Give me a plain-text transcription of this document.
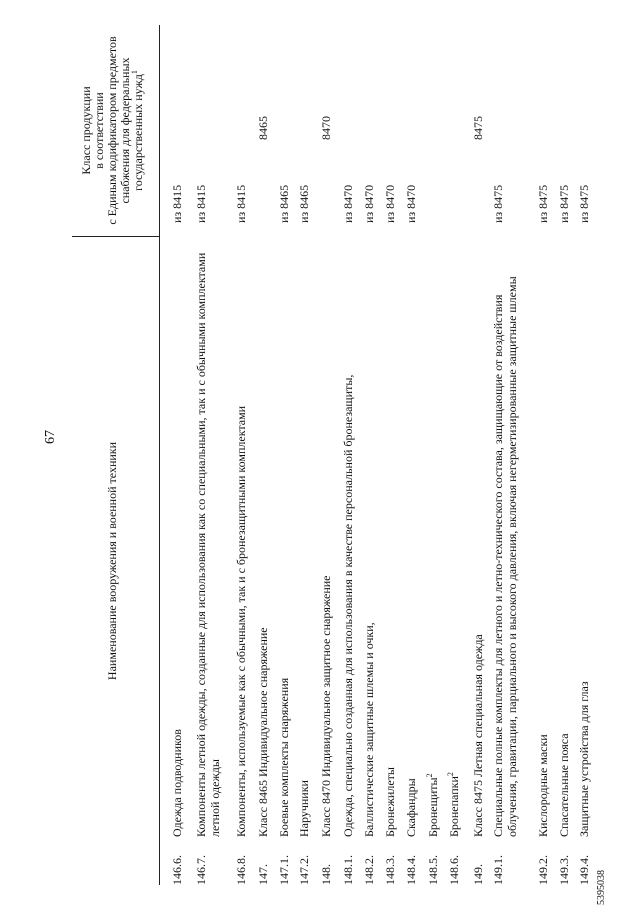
67
Наименование вооружения и военной техники
Класс продукции в соответствии с Единым кодификатором предметов снабжения для федеральных государственных нужд$^1$
146.6.
Одежда подводников
из 8415
146.7.
Компоненты летной одежды, созданные для использования как со специальными, так и с обычными комплектами летной одежды
из 8415
146.8.
Компоненты, используемые как с обычными, так и с бронезащитными комплектами
из 8415
147.
Класс 8465 Индивидуальное снаряжение
8465
147.1.
Боевые комплекты снаряжения
из 8465
147.2.
Наручники
из 8465
148.
Класс 8470 Индивидуальное защитное снаряжение
8470
148.1.
Одежда, специально созданная для использования в качестве персональной бронезащиты,
из 8470
148.2.
Баллистические защитные шлемы и очки,
из 8470
148.3.
Бронежилеты
из 8470
148.4.
Скафандры
из 8470
148.5.
Бронещиты$^2$
148.6.
Бронепапки$^2$
149.
Класс 8475 Летная специальная одежда
8475
149.1.
Специальные полные комплекты для летного и летно-технического состава, защищающие от воздействия облучения, гравитации, парциального и высокого давления, включая негерметизированные защитные шлемы
из 8475
149.2.
Кислородные маски
из 8475
149.3.
Спасательные пояса
из 8475
149.4.
Защитные устройства для глаз
из 8475
5395038
